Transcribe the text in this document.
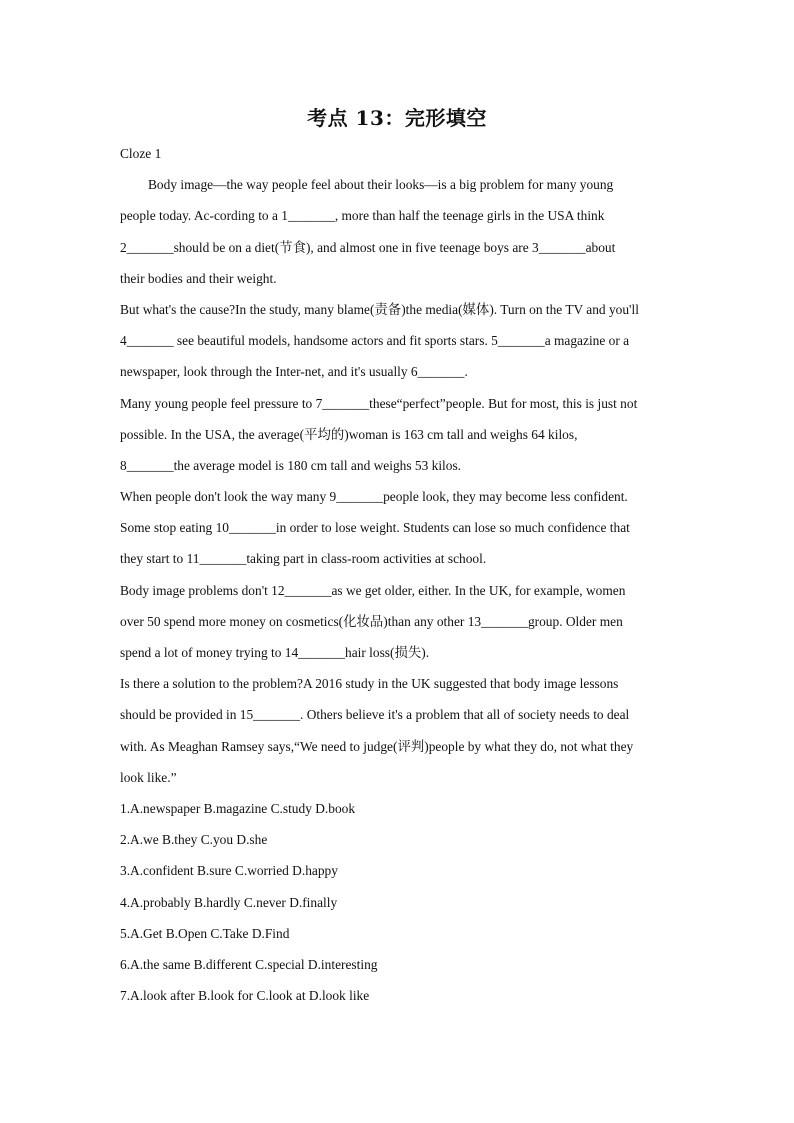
考点 13：完形填空
Cloze 1
Body image—the way people feel about their looks—is a big problem for many young
people today. Ac-cording to a 1_______, more than half the teenage girls in the USA think
2_______should be on a diet(节食), and almost one in five teenage boys are 3_______about
their bodies and their weight.
But what's the cause?In the study, many blame(责备)the media(媒体). Turn on the TV and you'll
4_______ see beautiful models, handsome actors and fit sports stars. 5_______a magazine or a
newspaper, look through the Inter-net, and it's usually 6_______.
Many young people feel pressure to 7_______these“perfect”people. But for most, this is just not
possible. In the USA, the average(平均的)woman is 163 cm tall and weighs 64 kilos,
8_______the average model is 180 cm tall and weighs 53 kilos.
When people don't look the way many 9_______people look, they may become less confident.
Some stop eating 10_______in order to lose weight. Students can lose so much confidence that
they start to 11_______taking part in class-room activities at school.
Body image problems don't 12_______as we get older, either. In the UK, for example, women
over 50 spend more money on cosmetics(化妆品)than any other 13_______group. Older men
spend a lot of money trying to 14_______hair loss(损失).
Is there a solution to the problem?A 2016 study in the UK suggested that body image lessons
should be provided in 15_______. Others believe it's a problem that all of society needs to deal
with. As Meaghan Ramsey says,“We need to judge(评判)people by what they do, not what they
look like.”
1.A.newspaper B.magazine C.study D.book
2.A.we B.they C.you D.she
3.A.confident B.sure C.worried D.happy
4.A.probably B.hardly C.never D.finally
5.A.Get B.Open C.Take D.Find
6.A.the same B.different C.special D.interesting
7.A.look after B.look for C.look at D.look like
